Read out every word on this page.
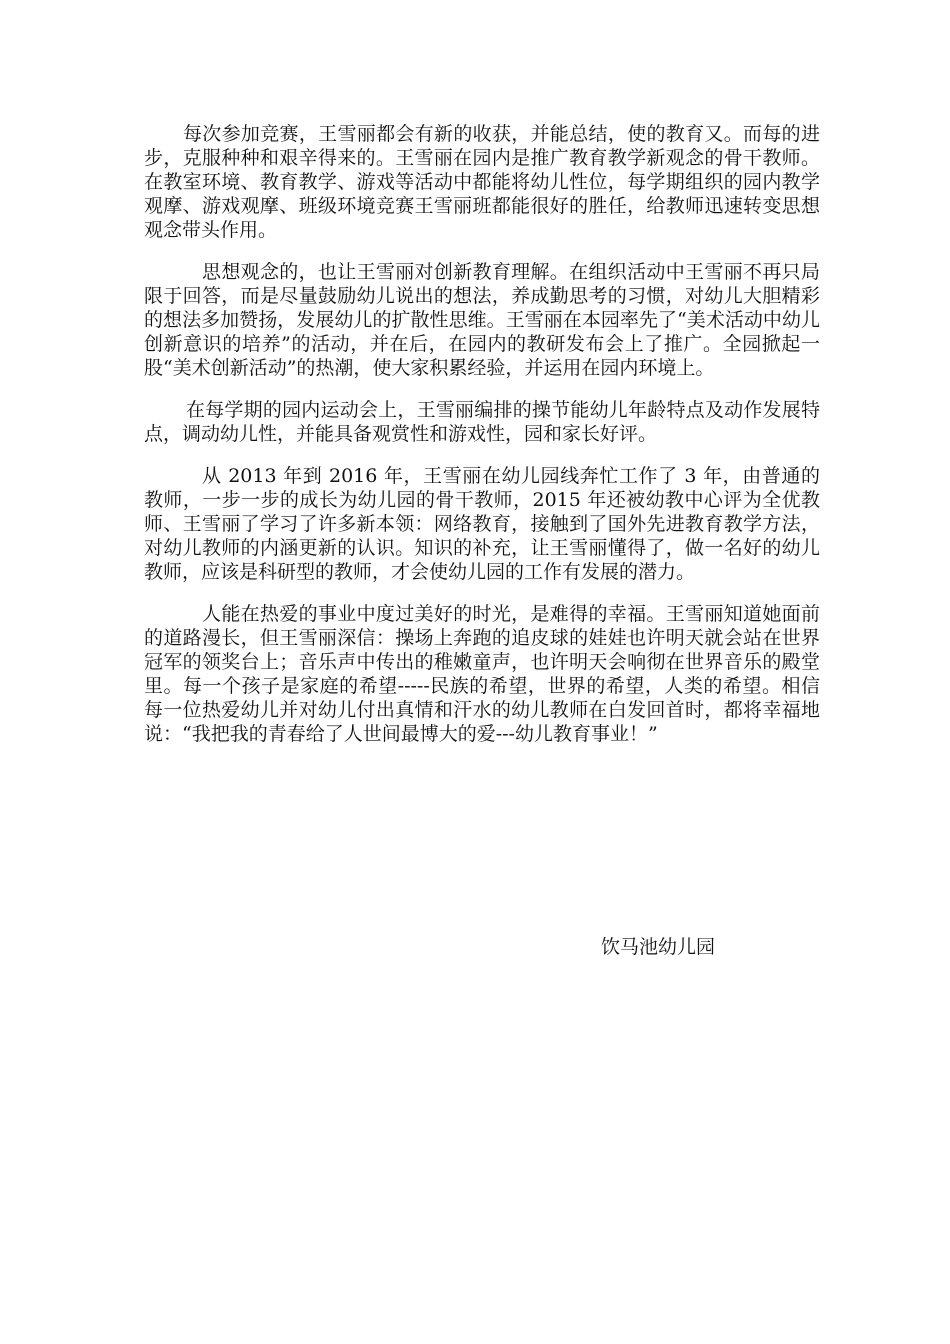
每次参加竞赛，王雪丽都会有新的收获，并能总结，使的教育又。而每的进步，克服种种和艰辛得来的。王雪丽在园内是推广教育教学新观念的骨干教师。在教室环境、教育教学、游戏等活动中都能将幼儿性位，每学期组织的园内教学观摩、游戏观摩、班级环境竞赛王雪丽班都能很好的胜任，给教师迅速转变思想观念带头作用。

思想观念的，也让王雪丽对创新教育理解。在组织活动中王雪丽不再只局限于回答，而是尽量鼓励幼儿说出的想法，养成勤思考的习惯，对幼儿大胆精彩的想法多加赞扬，发展幼儿的扩散性思维。王雪丽在本园率先了“美术活动中幼儿创新意识的培养”的活动，并在后，在园内的教研发布会上了推广。全园掀起一股“美术创新活动”的热潮，使大家积累经验，并运用在园内环境上。

在每学期的园内运动会上，王雪丽编排的操节能幼儿年龄特点及动作发展特点，调动幼儿性，并能具备观赏性和游戏性，园和家长好评。

从 2013 年到 2016 年，王雪丽在幼儿园线奔忙工作了 3 年，由普通的教师，一步一步的成长为幼儿园的骨干教师，2015 年还被幼教中心评为全优教师、王雪丽了学习了许多新本领：网络教育，接触到了国外先进教育教学方法，对幼儿教师的内涵更新的认识。知识的补充，让王雪丽懂得了，做一名好的幼儿教师，应该是科研型的教师，才会使幼儿园的工作有发展的潜力。

人能在热爱的事业中度过美好的时光，是难得的幸福。王雪丽知道她面前的道路漫长，但王雪丽深信：操场上奔跑的追皮球的娃娃也许明天就会站在世界冠军的领奖台上；音乐声中传出的稚嫩童声，也许明天会响彻在世界音乐的殿堂里。每一个孩子是家庭的希望-----民族的希望，世界的希望，人类的希望。相信每一位热爱幼儿并对幼儿付出真情和汗水的幼儿教师在白发回首时，都将幸福地说：“我把我的青春给了人世间最博大的爱---幼儿教育事业！”

饮马池幼儿园
